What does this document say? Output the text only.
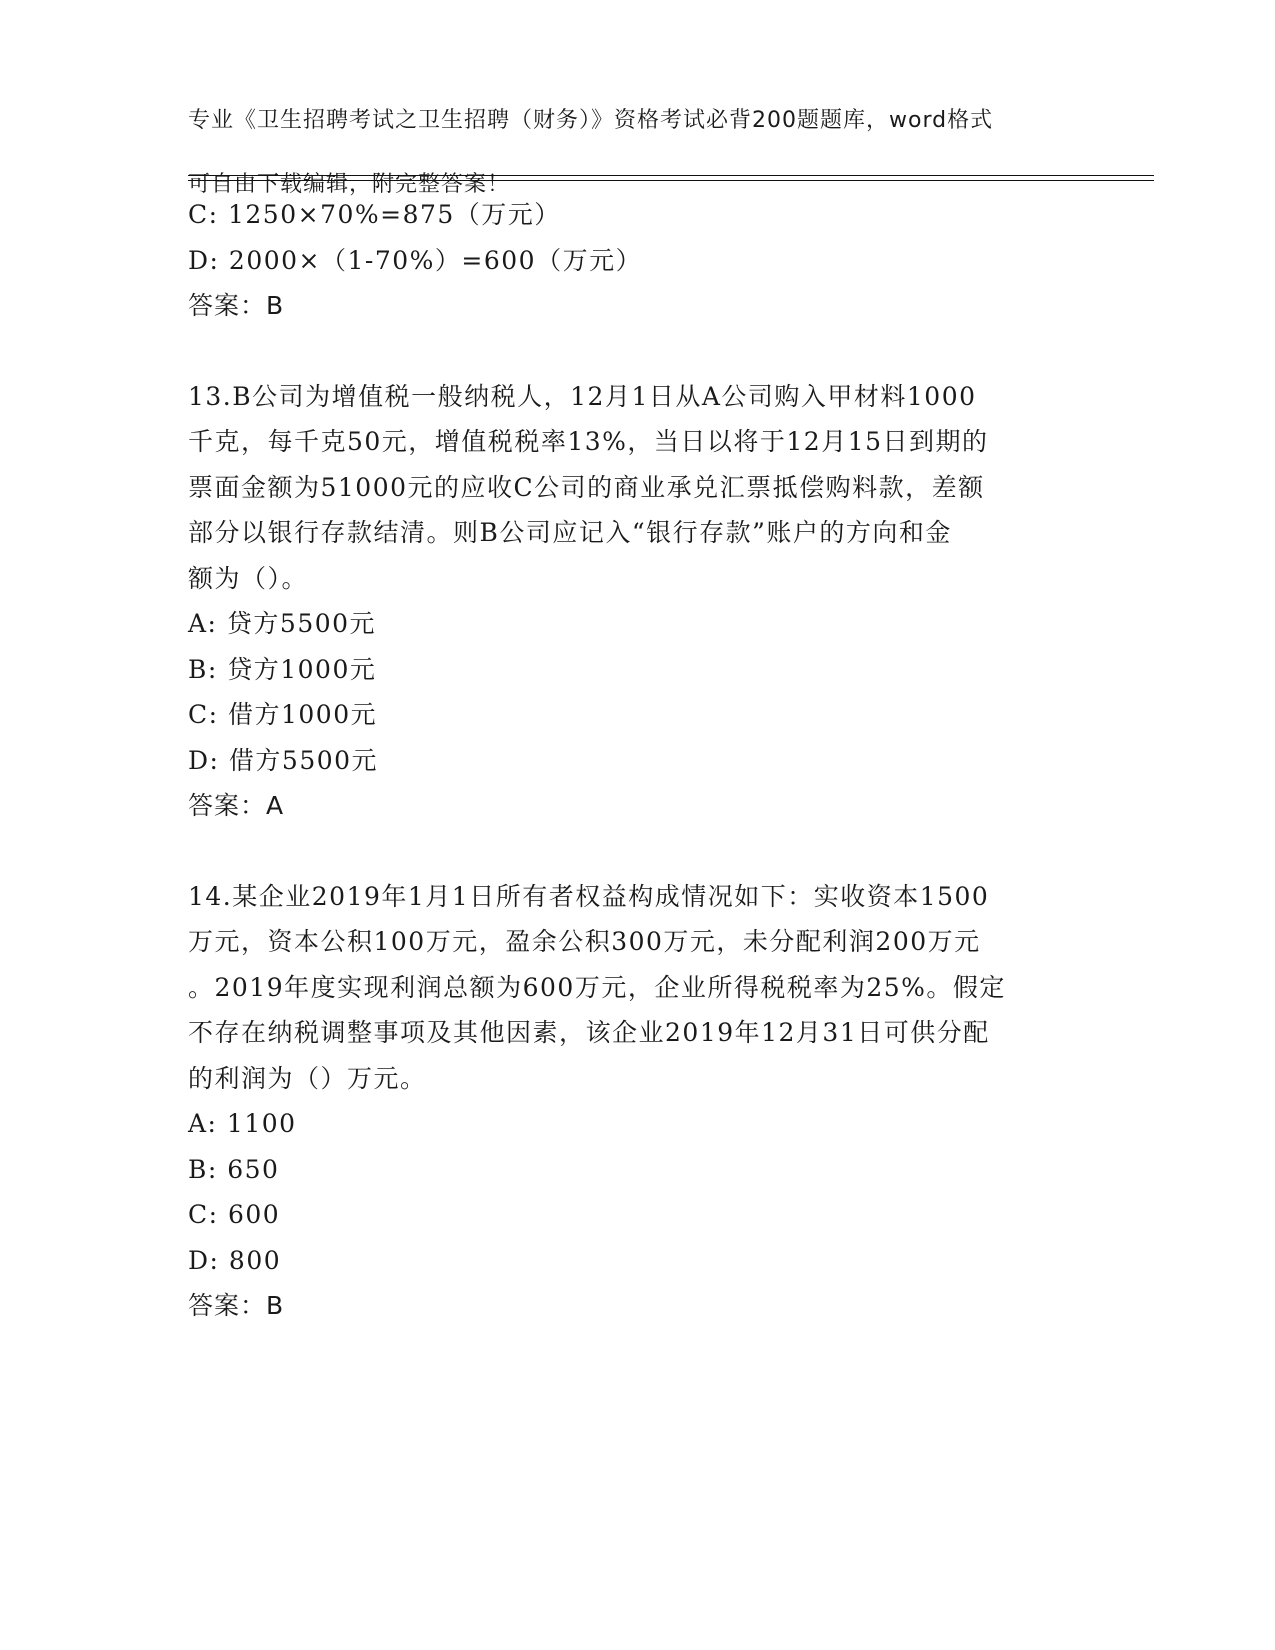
专业《卫生招聘考试之卫生招聘（财务）》资格考试必背200题题库，word格式

可自由下载编辑，附完整答案！

C: 1250×70%=875（万元）
D: 2000×（1-70%）=600（万元）
答案：B
13.B公司为增值税一般纳税人，12月1日从A公司购入甲材料1000
千克，每千克50元，增值税税率13%，当日以将于12月15日到期的
票面金额为51000元的应收C公司的商业承兑汇票抵偿购料款，差额
部分以银行存款结清。则B公司应记入“银行存款”账户的方向和金
额为（）。
A: 贷方5500元
B: 贷方1000元
C: 借方1000元
D: 借方5500元
答案：A
14.某企业2019年1月1日所有者权益构成情况如下：实收资本1500
万元，资本公积100万元，盈余公积300万元，未分配利润200万元
。2019年度实现利润总额为600万元，企业所得税税率为25%。假定
不存在纳税调整事项及其他因素，该企业2019年12月31日可供分配
的利润为（）万元。
A: 1100
B: 650
C: 600
D: 800
答案：B
